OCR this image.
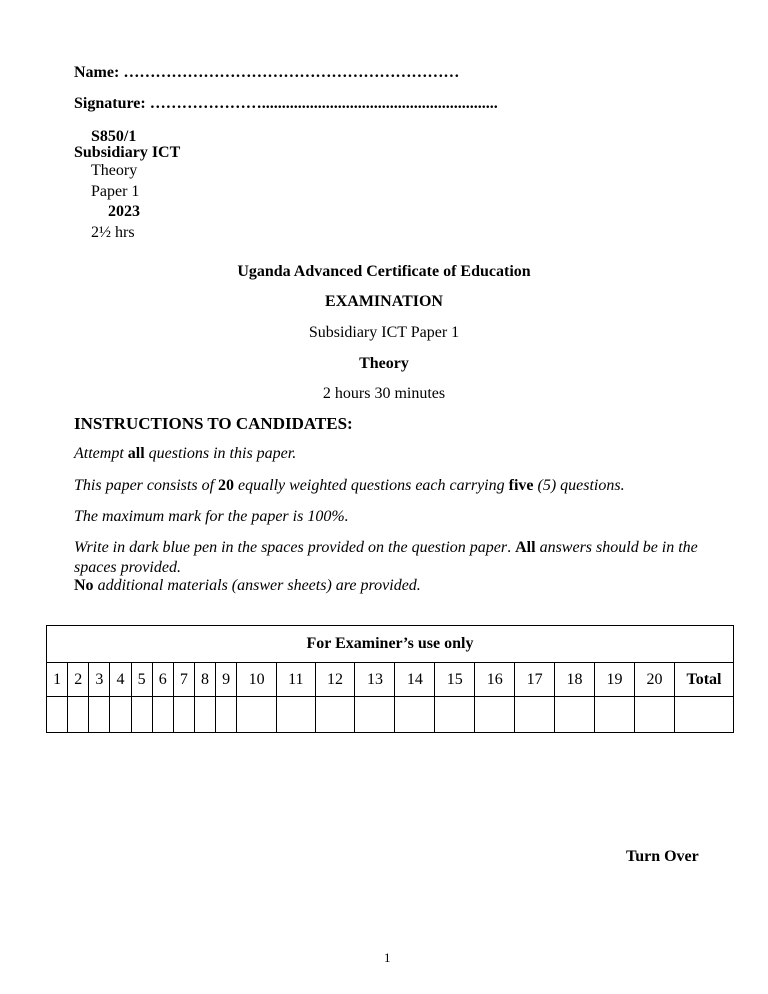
Name: ………………………………………………………
Signature: …………………...........................................................
S850/1
Subsidiary ICT
Theory
Paper 1
2023
2½ hrs
Uganda Advanced Certificate of Education
EXAMINATION
Subsidiary ICT Paper 1
Theory
2 hours 30 minutes
INSTRUCTIONS TO CANDIDATES:
Attempt all questions in this paper.
This paper consists of 20 equally weighted questions each carrying five (5) questions.
The maximum mark for the paper is 100%.
Write in dark blue pen in the spaces provided on the question paper. All answers should be in the spaces provided.
No additional materials (answer sheets) are provided.
For Examiner’s use only																				
1	2	3	4	5	6	7	8	9	10	11	12	13	14	15	16	17	18	19	20	Total

Turn Over
1
